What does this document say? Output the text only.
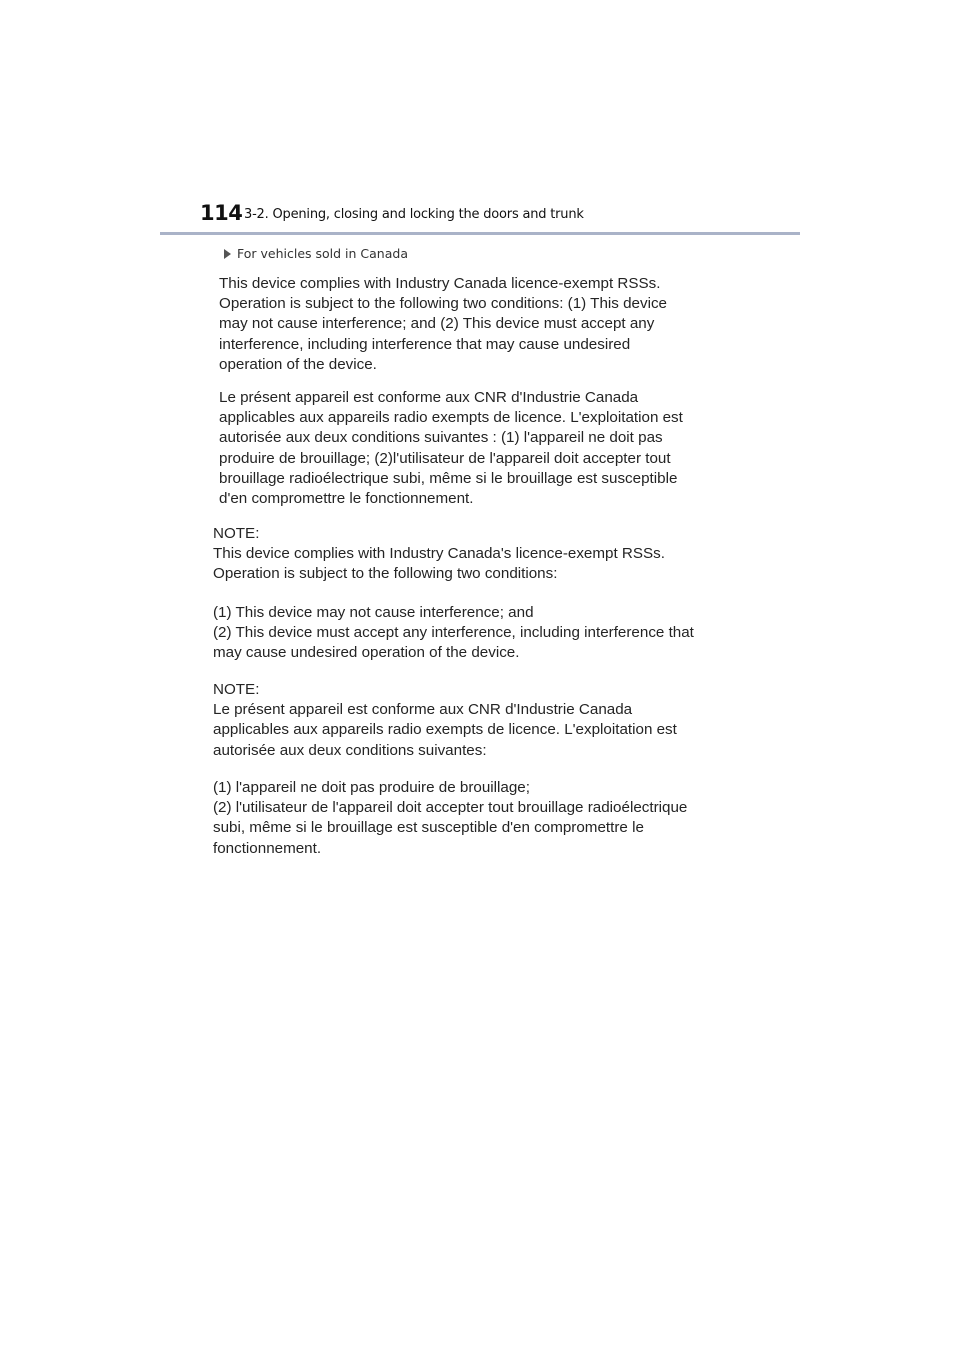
114 3-2. Opening, closing and locking the doors and trunk
For vehicles sold in Canada
This device complies with Industry Canada licence-exempt RSSs.
Operation is subject to the following two conditions: (1) This device
may not cause interference; and (2) This device must accept any
interference, including interference that may cause undesired
operation of the device.
Le présent appareil est conforme aux CNR d'Industrie Canada
applicables aux appareils radio exempts de licence. L'exploitation est
autorisée aux deux conditions suivantes : (1) l'appareil ne doit pas
produire de brouillage; (2)l'utilisateur de l'appareil doit accepter tout
brouillage radioélectrique subi, même si le brouillage est susceptible
d'en compromettre le fonctionnement.
NOTE:
This device complies with Industry Canada's licence-exempt RSSs.
Operation is subject to the following two conditions:
(1) This device may not cause interference; and
(2) This device must accept any interference, including interference that
may cause undesired operation of the device.
NOTE:
Le présent appareil est conforme aux CNR d'Industrie Canada
applicables aux appareils radio exempts de licence. L'exploitation est
autorisée aux deux conditions suivantes:
(1) l'appareil ne doit pas produire de brouillage;
(2) l'utilisateur de l'appareil doit accepter tout brouillage radioélectrique
subi, même si le brouillage est susceptible d'en compromettre le
fonctionnement.
